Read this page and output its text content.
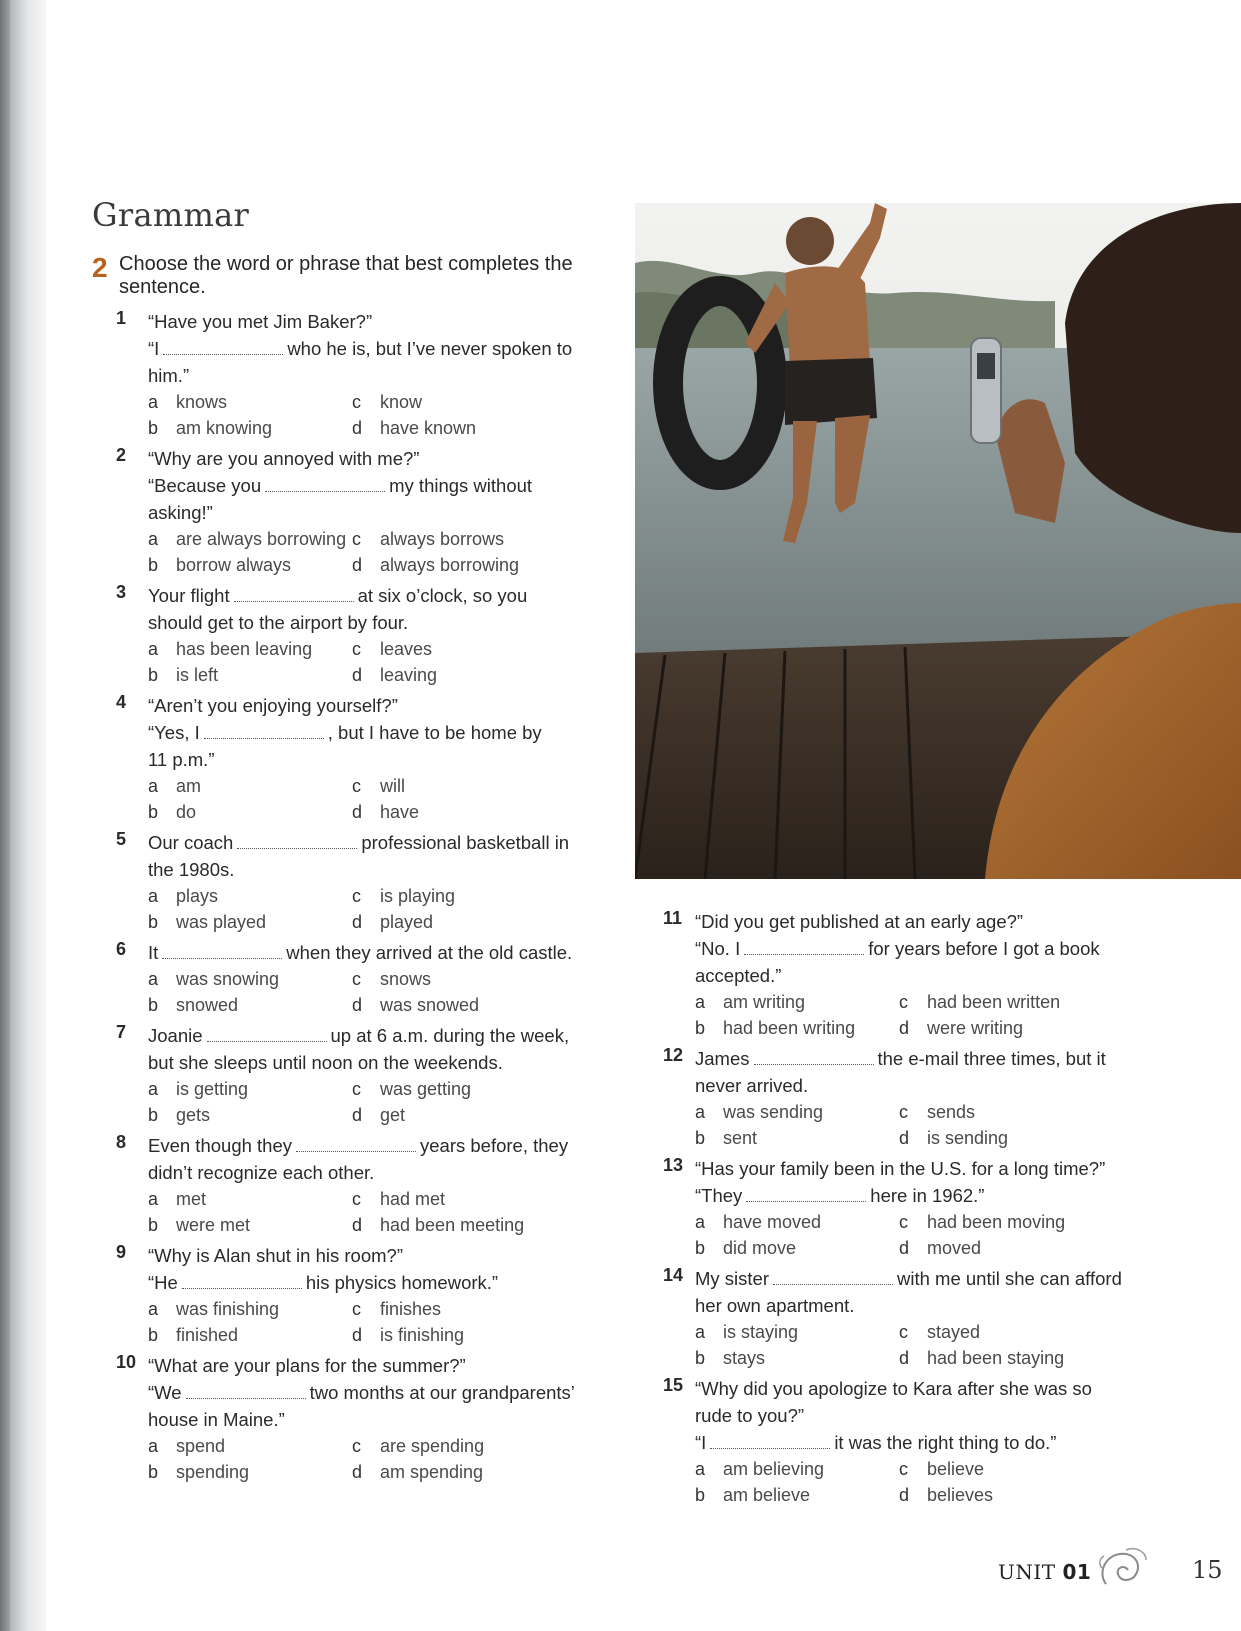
Grammar
2 Choose the word or phrase that best completes the sentence.

1 “Have you met Jim Baker?”
“I	who he is, but I’ve never spoken to
him.”
a knows	c	know
b am knowing	d have known
2 “Why are you annoyed with me?”
“Because you	my things without
asking!”
a are always borrowing c	always borrows
b borrow always	d always borrowing
3 Your flight	at six o’clock, so you
should get to the airport by four.
a has been leaving	c	leaves
b is left	d leaving
4 “Aren’t you enjoying yourself?”
“Yes, I	, but I have to be home by
11 p.m.”
a am	c	will
b do	d have
5 Our coach	professional basketball in
the 1980s.
a plays	c	is playing
b was played	d played
6 It	when they arrived at the old castle.
a was snowing	c	snows
b snowed	d was snowed
7 Joanie	up at 6 a.m. during the week,
but she sleeps until noon on the weekends.
a is getting	c	was getting
b gets	d get
8 Even though they	years before, they
didn’t recognize each other.
a met	c	had met
b were met	d had been meeting
9 “Why is Alan shut in his room?”
“He	his physics homework.”
a was finishing	c	finishes
b finished	d is finishing
10 “What are your plans for the summer?”
“We	two months at our grandparents’
house in Maine.”
a spend	c	are spending
b spending	d am spending
11 “Did you get published at an early age?”
“No. I	for years before I got a book
accepted.”
a am writing	c	had been written
b had been writing	d were writing
12 James	the e-mail three times, but it
never arrived.
a was sending	c	sends
b sent	d is sending
13 “Has your family been in the U.S. for a long time?”
“They	here in 1962.”
a have moved	c	had been moving
b did move	d moved
14 My sister	with me until she can afford
her own apartment.
a is staying	c	stayed
b stays	d had been staying
15 “Why did you apologize to Kara after she was so
rude to you?”
“I	it was the right thing to do.”
a am believing	c	believe
b am believe	d believes
UNIT 01	15
